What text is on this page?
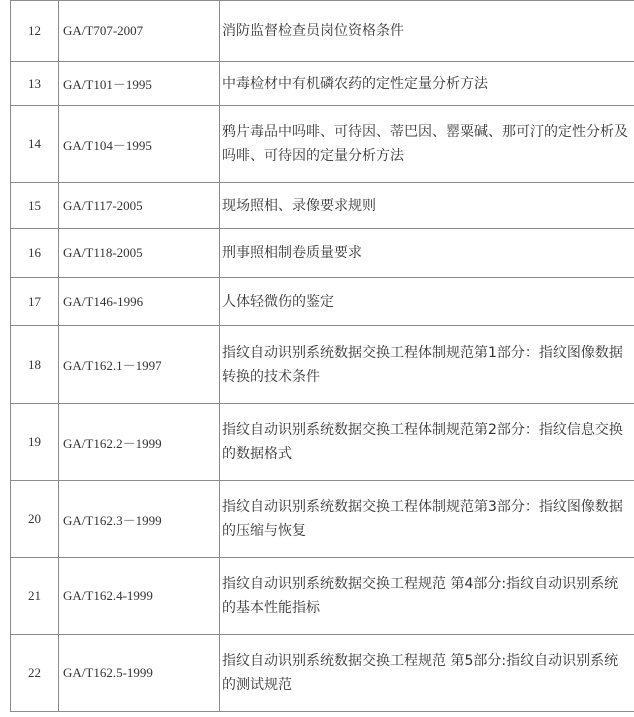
12	GA/T707-2007	消防监督检查员岗位资格条件
13	GA/T101－1995	中毒检材中有机磷农药的定性定量分析方法
14	GA/T104－1995	鸦片毒品中吗啡、可待因、蒂巴因、罂粟碱、那可汀的定性分析及吗啡、可待因的定量分析方法
15	GA/T117-2005	现场照相、录像要求规则
16	GA/T118-2005	刑事照相制卷质量要求
17	GA/T146-1996	人体轻微伤的鉴定
18	GA/T162.1－1997	指纹自动识别系统数据交换工程体制规范第1部分：指纹图像数据转换的技术条件
19	GA/T162.2－1999	指纹自动识别系统数据交换工程体制规范第2部分：指纹信息交换的数据格式
20	GA/T162.3－1999	指纹自动识别系统数据交换工程体制规范第3部分：指纹图像数据的压缩与恢复
21	GA/T162.4-1999	指纹自动识别系统数据交换工程规范 第4部分:指纹自动识别系统的基本性能指标
22	GA/T162.5-1999	指纹自动识别系统数据交换工程规范 第5部分:指纹自动识别系统的测试规范
